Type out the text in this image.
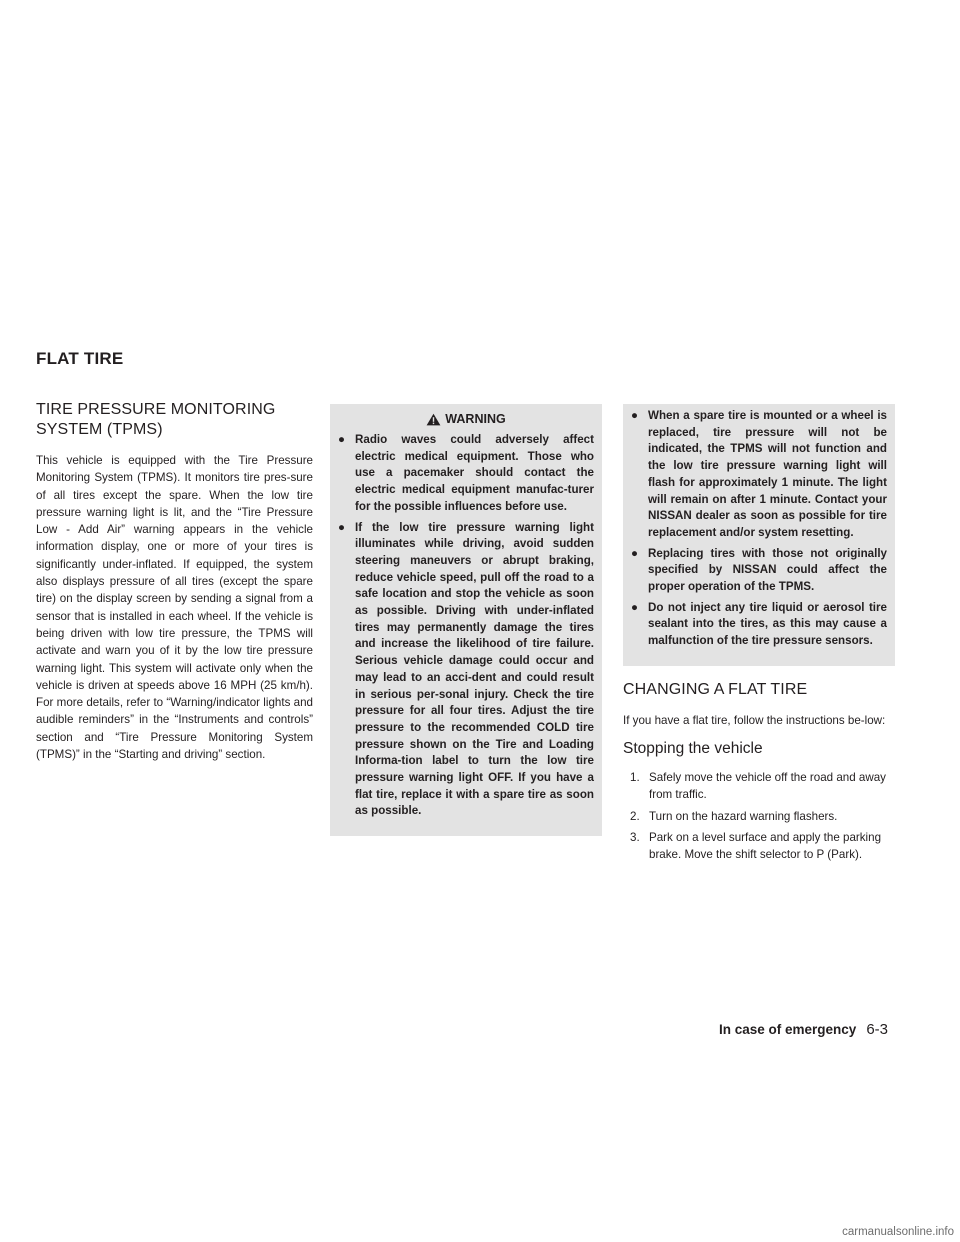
FLAT TIRE
TIRE PRESSURE MONITORING
SYSTEM (TPMS)

This vehicle is equipped with the Tire Pressure Monitoring System (TPMS). It monitors tire pres-sure of all tires except the spare. When the low tire pressure warning light is lit, and the “Tire Pressure Low - Add Air” warning appears in the vehicle information display, one or more of your tires is significantly under-inflated. If equipped, the system also displays pressure of all tires (except the spare tire) on the display screen by sending a signal from a sensor that is installed in each wheel. If the vehicle is being driven with low tire pressure, the TPMS will activate and warn you of it by the low tire pressure warning light. This system will activate only when the vehicle is driven at speeds above 16 MPH (25 km/h). For more details, refer to “Warning/indicator lights and audible reminders” in the “Instruments and controls” section and “Tire Pressure Monitoring System (TPMS)” in the “Starting and driving” section.

WARNING
● Radio waves could adversely affect electric medical equipment. Those who use a pacemaker should contact the electric medical equipment manufac-turer for the possible influences before use.
● If the low tire pressure warning light illuminates while driving, avoid sudden steering maneuvers or abrupt braking, reduce vehicle speed, pull off the road to a safe location and stop the vehicle as soon as possible. Driving with under-inflated tires may permanently damage the tires and increase the likelihood of tire failure. Serious vehicle damage could occur and may lead to an acci-dent and could result in serious per-sonal injury. Check the tire pressure for all four tires. Adjust the tire pressure to the recommended COLD tire pressure shown on the Tire and Loading Informa-tion label to turn the low tire pressure warning light OFF. If you have a flat tire, replace it with a spare tire as soon as possible.
● When a spare tire is mounted or a wheel is replaced, tire pressure will not be indicated, the TPMS will not function and the low tire pressure warning light will flash for approximately 1 minute. The light will remain on after 1 minute. Contact your NISSAN dealer as soon as possible for tire replacement and/or system resetting.
● Replacing tires with those not originally specified by NISSAN could affect the proper operation of the TPMS.
● Do not inject any tire liquid or aerosol tire sealant into the tires, as this may cause a malfunction of the tire pressure sensors.
CHANGING A FLAT TIRE

If you have a flat tire, follow the instructions be-low:

Stopping the vehicle
1. Safely move the vehicle off the road and away from traffic.
2. Turn on the hazard warning flashers.
3. Park on a level surface and apply the parking brake. Move the shift selector to P (Park).
In case of emergency 6-3
carmanualsonline.info
